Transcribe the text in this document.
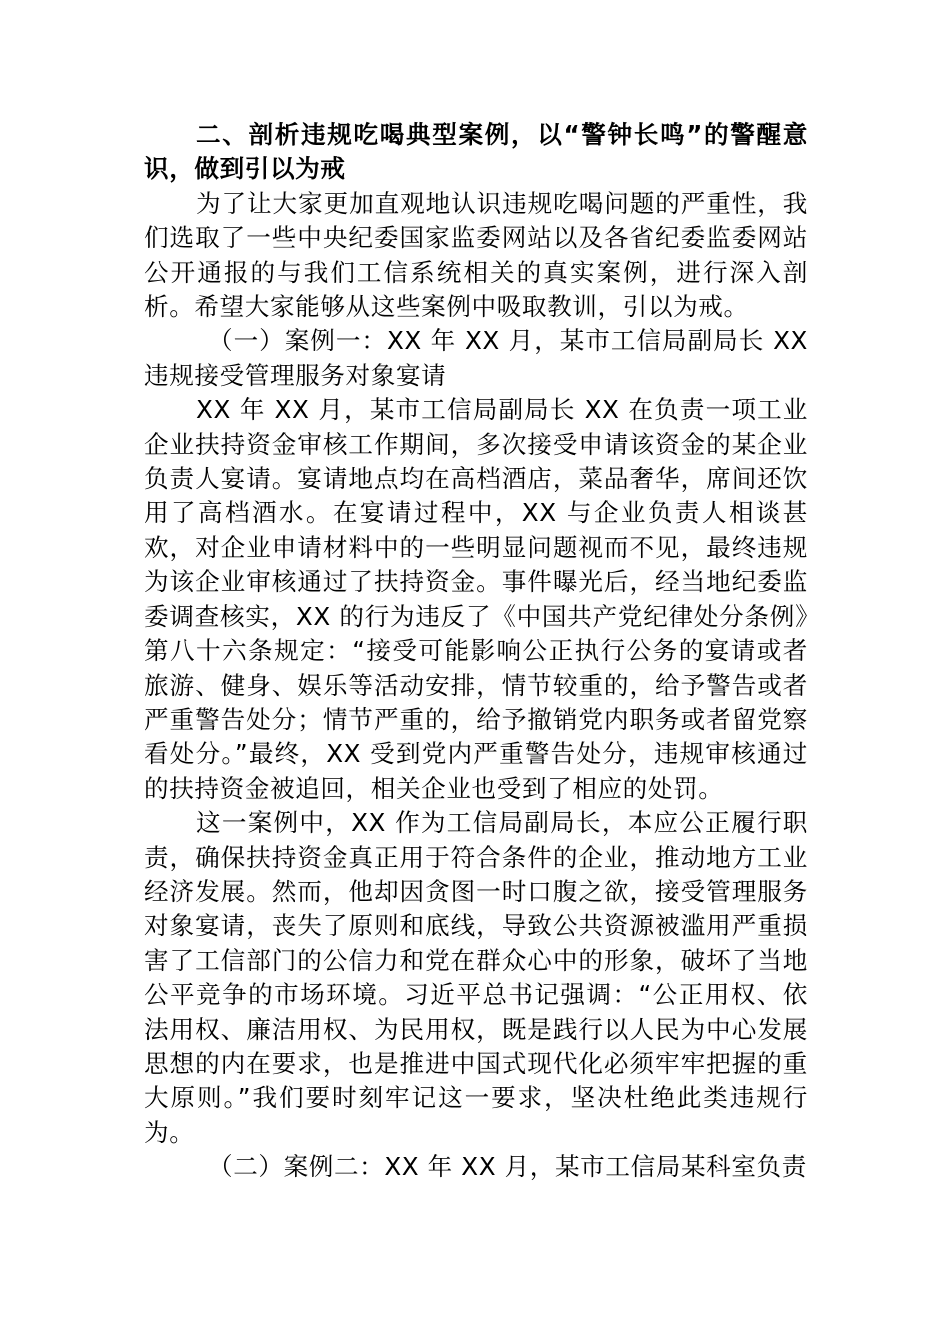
二、剖析违规吃喝典型案例，以“警钟长鸣”的警醒意识，做到引以为戒

为了让大家更加直观地认识违规吃喝问题的严重性，我们选取了一些中央纪委国家监委网站以及各省纪委监委网站公开通报的与我们工信系统相关的真实案例，进行深入剖析。希望大家能够从这些案例中吸取教训，引以为戒。

（一）案例一：XX 年 XX 月，某市工信局副局长 XX 违规接受管理服务对象宴请

XX 年 XX 月，某市工信局副局长 XX 在负责一项工业企业扶持资金审核工作期间，多次接受申请该资金的某企业负责人宴请。宴请地点均在高档酒店，菜品奢华，席间还饮用了高档酒水。在宴请过程中，XX 与企业负责人相谈甚欢，对企业申请材料中的一些明显问题视而不见，最终违规为该企业审核通过了扶持资金。事件曝光后，经当地纪委监委调查核实，XX 的行为违反了《中国共产党纪律处分条例》第八十六条规定：“接受可能影响公正执行公务的宴请或者旅游、健身、娱乐等活动安排，情节较重的，给予警告或者严重警告处分；情节严重的，给予撤销党内职务或者留党察看处分。”最终，XX 受到党内严重警告处分，违规审核通过的扶持资金被追回，相关企业也受到了相应的处罚。

这一案例中，XX 作为工信局副局长，本应公正履行职责，确保扶持资金真正用于符合条件的企业，推动地方工业经济发展。然而，他却因贪图一时口腹之欲，接受管理服务对象宴请，丧失了原则和底线，导致公共资源被滥用严重损害了工信部门的公信力和党在群众心中的形象，破坏了当地公平竞争的市场环境。习近平总书记强调：“公正用权、依法用权、廉洁用权、为民用权，既是践行以人民为中心发展思想的内在要求，也是推进中国式现代化必须牢牢把握的重大原则。”我们要时刻牢记这一要求，坚决杜绝此类违规行为。

（二）案例二：XX 年 XX 月，某市工信局某科室负责
